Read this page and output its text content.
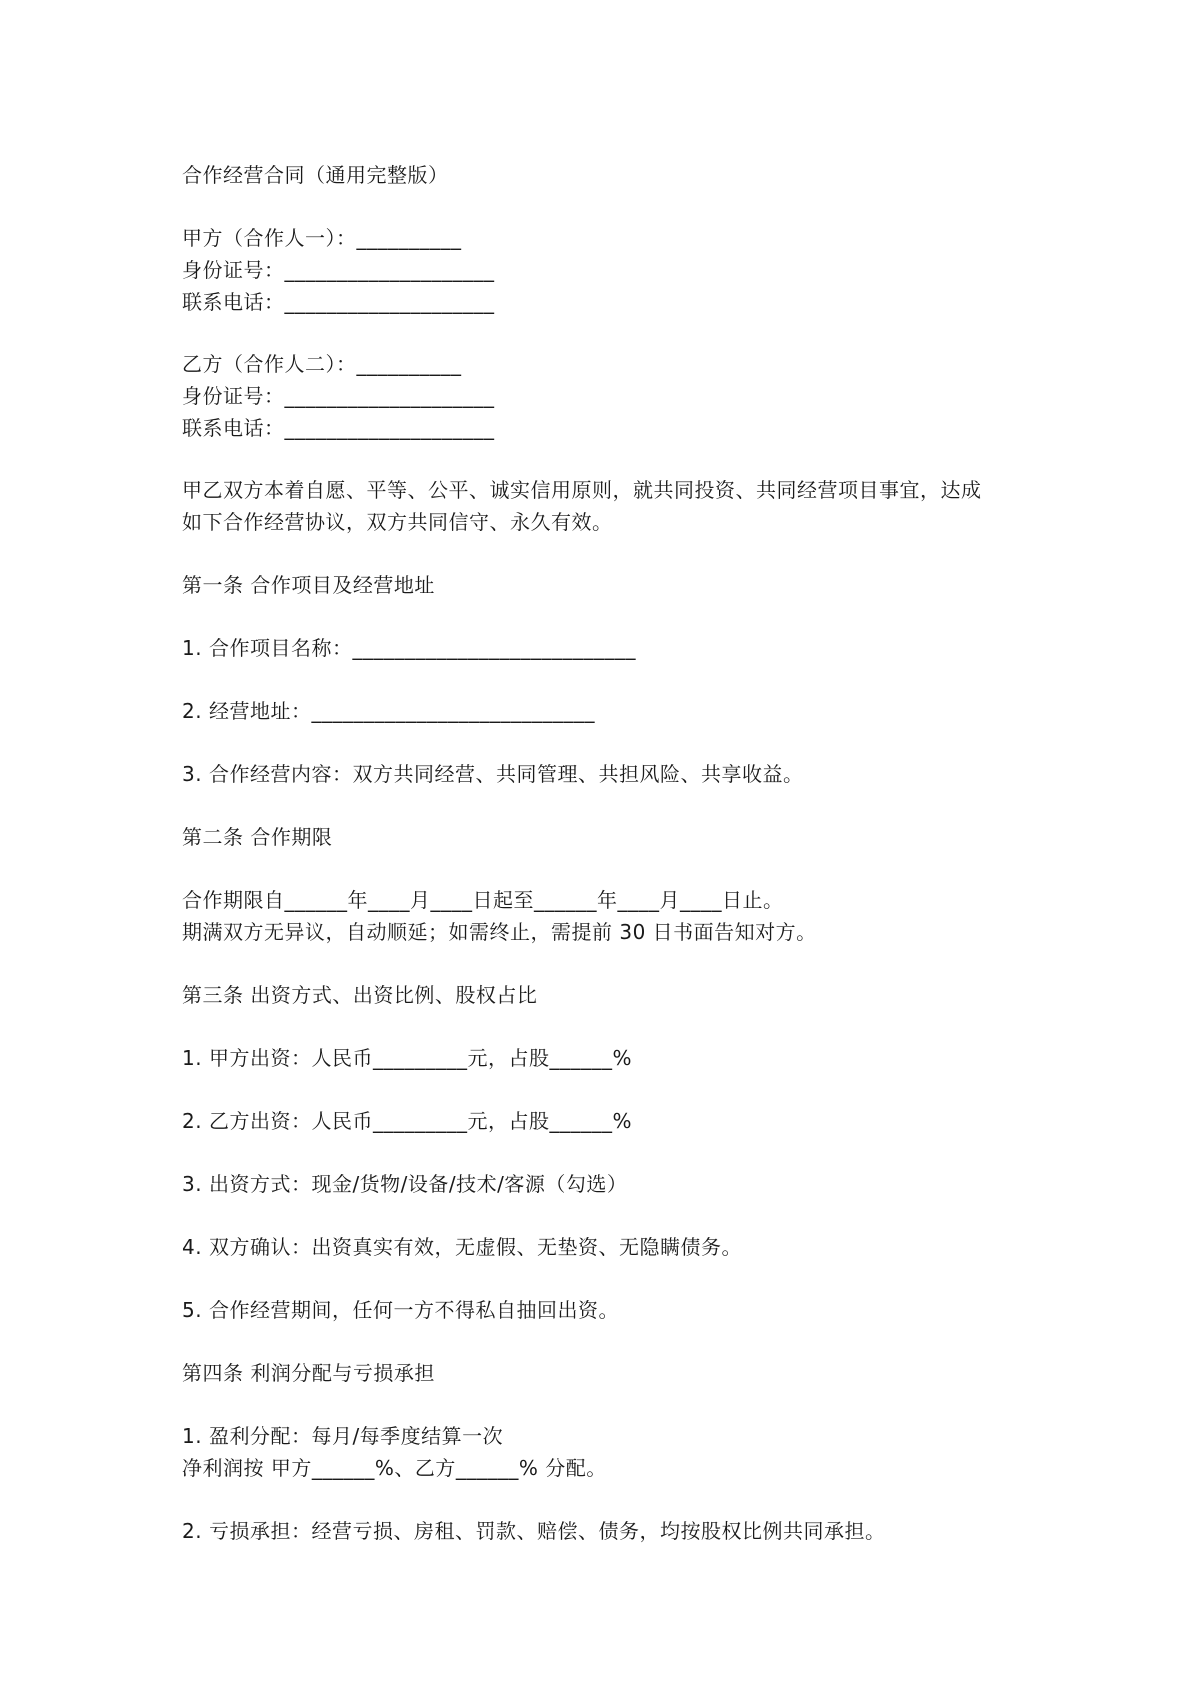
合作经营合同（通用完整版）
甲方（合作人一）：__________
身份证号：____________________
联系电话：____________________
乙方（合作人二）：__________
身份证号：____________________
联系电话：____________________
甲乙双方本着自愿、平等、公平、诚实信用原则，就共同投资、共同经营项目事宜，达成
如下合作经营协议，双方共同信守、永久有效。
第一条 合作项目及经营地址
1. 合作项目名称：___________________________
2. 经营地址：___________________________
3. 合作经营内容：双方共同经营、共同管理、共担风险、共享收益。
第二条 合作期限
合作期限自______年____月____日起至______年____月____日止。
期满双方无异议，自动顺延；如需终止，需提前 30 日书面告知对方。
第三条 出资方式、出资比例、股权占比
1. 甲方出资：人民币_________元，占股______%
2. 乙方出资：人民币_________元，占股______%
3. 出资方式：现金/货物/设备/技术/客源（勾选）
4. 双方确认：出资真实有效，无虚假、无垫资、无隐瞒债务。
5. 合作经营期间，任何一方不得私自抽回出资。
第四条 利润分配与亏损承担
1. 盈利分配：每月/每季度结算一次
净利润按 甲方______%、乙方______% 分配。
2. 亏损承担：经营亏损、房租、罚款、赔偿、债务，均按股权比例共同承担。
